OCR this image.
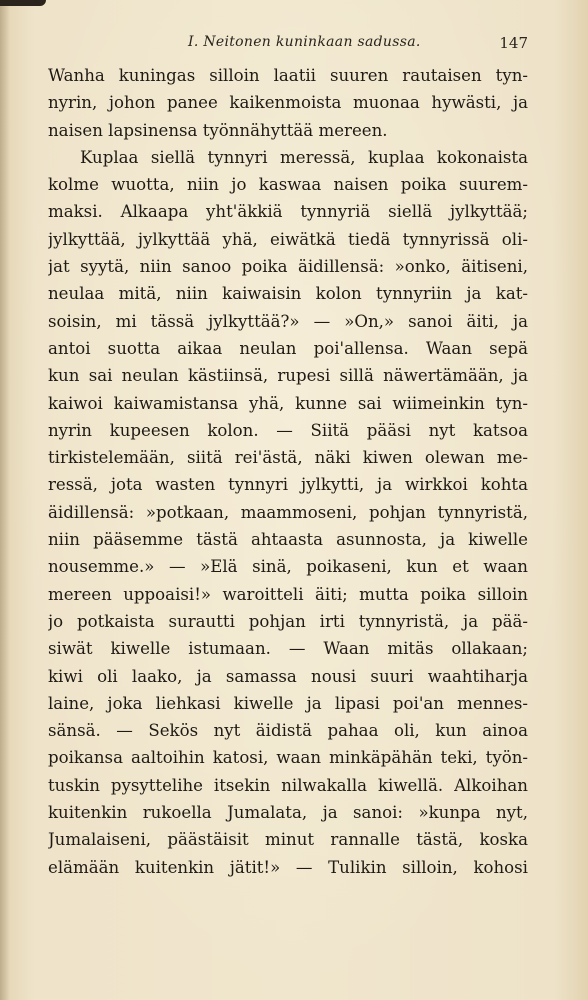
I. Neitonen kuninkaan sadussa.	147
Wanha kuningas silloin laatii suuren rautaisen tyn-
nyrin, johon panee kaikenmoista muonaa hywästi, ja
naisen lapsinensa työnnähyttää mereen.
Kuplaa siellä tynnyri meressä, kuplaa kokonaista
kolme wuotta, niin jo kaswaa naisen poika suurem-
maksi. Alkaapa yht'äkkiä tynnyriä siellä jylkyttää;
jylkyttää, jylkyttää yhä, eiwätkä tiedä tynnyrissä oli-
jat syytä, niin sanoo poika äidillensä: »onko, äitiseni,
neulaa mitä, niin kaiwaisin kolon tynnyriin ja kat-
soisin, mi tässä jylkyttää?» — »On,» sanoi äiti, ja
antoi suotta aikaa neulan poi'allensa. Waan sepä
kun sai neulan kästiinsä, rupesi sillä näwertämään, ja
kaiwoi kaiwamistansa yhä, kunne sai wiimeinkin tyn-
nyrin kupeesen kolon. — Siitä pääsi nyt katsoa
tirkistelemään, siitä rei'ästä, näki kiwen olewan me-
ressä, jota wasten tynnyri jylkytti, ja wirkkoi kohta
äidillensä: »potkaan, maammoseni, pohjan tynnyristä,
niin pääsemme tästä ahtaasta asunnosta, ja kiwelle
nousemme.» — »Elä sinä, poikaseni, kun et waan
mereen uppoaisi!» waroitteli äiti; mutta poika silloin
jo potkaista surautti pohjan irti tynnyristä, ja pää-
siwät kiwelle istumaan. — Waan mitäs ollakaan;
kiwi oli laako, ja samassa nousi suuri waahtiharja
laine, joka liehkasi kiwelle ja lipasi poi'an mennes-
sänsä. — Sekös nyt äidistä pahaa oli, kun ainoa
poikansa aaltoihin katosi, waan minkäpähän teki, työn-
tuskin pysyttelihe itsekin nilwakalla kiwellä. Alkoihan
kuitenkin rukoella Jumalata, ja sanoi: »kunpa nyt,
Jumalaiseni, päästäisit minut rannalle tästä, koska
elämään kuitenkin jätit!» — Tulikin silloin, kohosi
